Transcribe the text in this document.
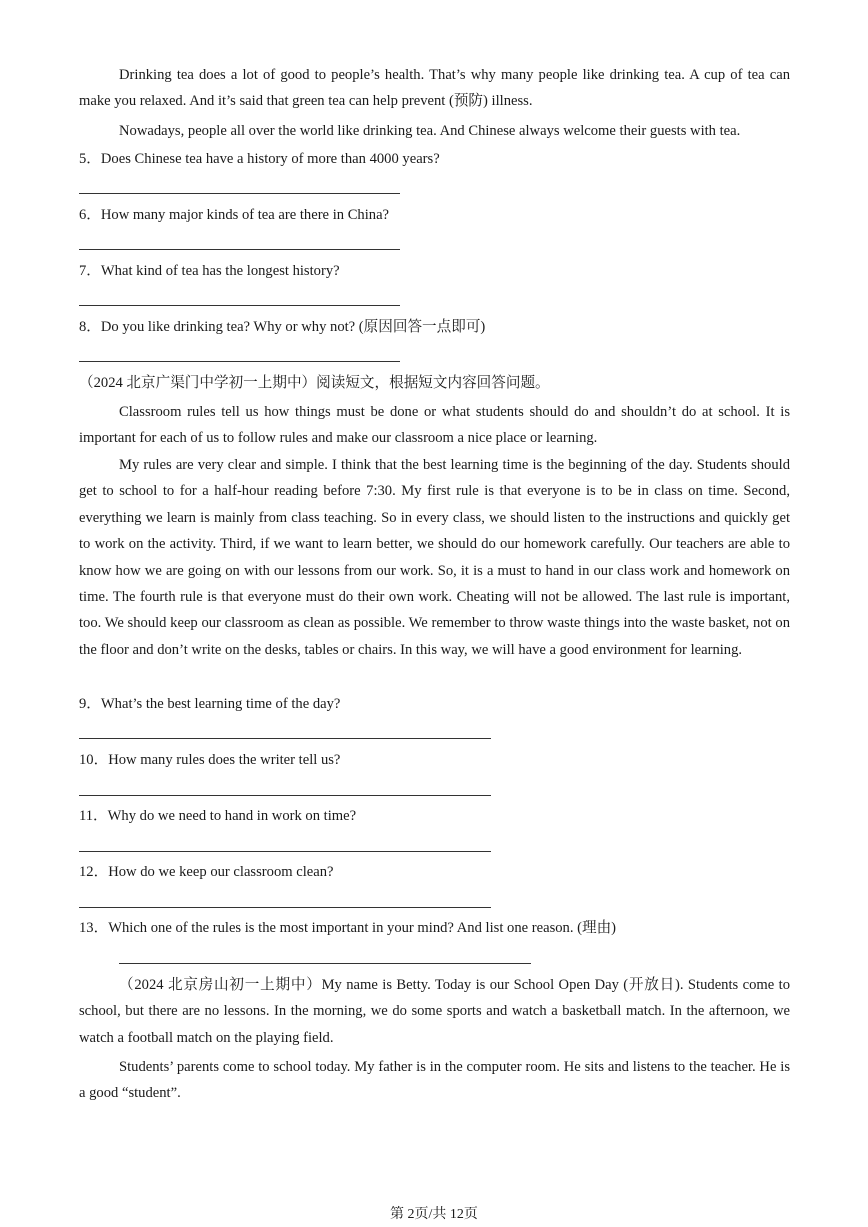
Drinking tea does a lot of good to people’s health. That’s why many people like drinking tea. A cup of tea can make you relaxed. And it’s said that green tea can help prevent (预防) illness.

Nowadays, people all over the world like drinking tea. And Chinese always welcome their guests with tea.

5．Does Chinese tea have a history of more than 4000 years?

6．How many major kinds of tea are there in China?

7．What kind of tea has the longest history?

8．Do you like drinking tea? Why or why not? (原因回答一点即可)

（2024 北京广渠门中学初一上期中）阅读短文，根据短文内容回答问题。

Classroom rules tell us how things must be done or what students should do and shouldn’t do at school. It is important for each of us to follow rules and make our classroom a nice place or learning.

My rules are very clear and simple. I think that the best learning time is the beginning of the day. Students should get to school to for a half-hour reading before 7:30. My first rule is that everyone is to be in class on time. Second, everything we learn is mainly from class teaching. So in every class, we should listen to the instructions and quickly get to work on the activity. Third, if we want to learn better, we should do our homework carefully. Our teachers are able to know how we are going on with our lessons from our work. So, it is a must to hand in our class work and homework on time. The fourth rule is that everyone must do their own work. Cheating will not be allowed. The last rule is important, too. We should keep our classroom as clean as possible. We remember to throw waste things into the waste basket, not on the floor and don’t write on the desks, tables or chairs. In this way, we will have a good environment for learning.

9．What’s the best learning time of the day?

10．How many rules does the writer tell us?

11．Why do we need to hand in work on time?

12．How do we keep our classroom clean?

13．Which one of the rules is the most important in your mind? And list one reason. (理由)

（2024 北京房山初一上期中）My name is Betty. Today is our School Open Day (开放日). Students come to school, but there are no lessons. In the morning, we do some sports and watch a basketball match. In the afternoon, we watch a football match on the playing field.

Students’ parents come to school today. My father is in the computer room. He sits and listens to the teacher. He is a good “student”.

第 2页/共 12页
